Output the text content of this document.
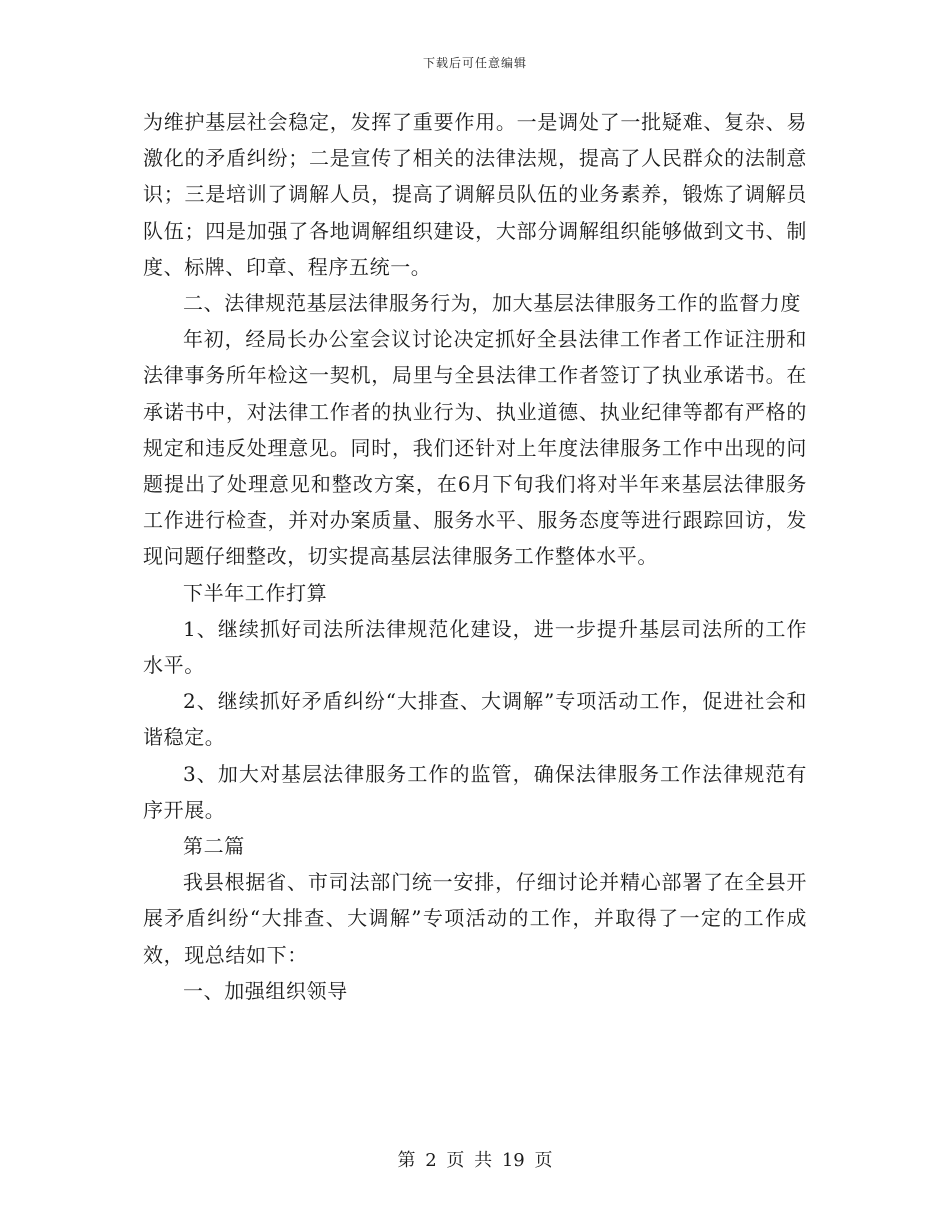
下载后可任意编辑

为维护基层社会稳定，发挥了重要作用。一是调处了一批疑难、复杂、易激化的矛盾纠纷；二是宣传了相关的法律法规，提高了人民群众的法制意识；三是培训了调解人员，提高了调解员队伍的业务素养，锻炼了调解员队伍；四是加强了各地调解组织建设，大部分调解组织能够做到文书、制度、标牌、印章、程序五统一。

二、法律规范基层法律服务行为，加大基层法律服务工作的监督力度

年初，经局长办公室会议讨论决定抓好全县法律工作者工作证注册和法律事务所年检这一契机，局里与全县法律工作者签订了执业承诺书。在承诺书中，对法律工作者的执业行为、执业道德、执业纪律等都有严格的规定和违反处理意见。同时，我们还针对上年度法律服务工作中出现的问题提出了处理意见和整改方案，在6月下旬我们将对半年来基层法律服务工作进行检查，并对办案质量、服务水平、服务态度等进行跟踪回访，发现问题仔细整改，切实提高基层法律服务工作整体水平。

下半年工作打算

1、继续抓好司法所法律规范化建设，进一步提升基层司法所的工作水平。

2、继续抓好矛盾纠纷“大排查、大调解”专项活动工作，促进社会和谐稳定。

3、加大对基层法律服务工作的监管，确保法律服务工作法律规范有序开展。

第二篇

我县根据省、市司法部门统一安排，仔细讨论并精心部署了在全县开展矛盾纠纷“大排查、大调解”专项活动的工作，并取得了一定的工作成效，现总结如下：

一、加强组织领导

第 2 页 共 19 页
